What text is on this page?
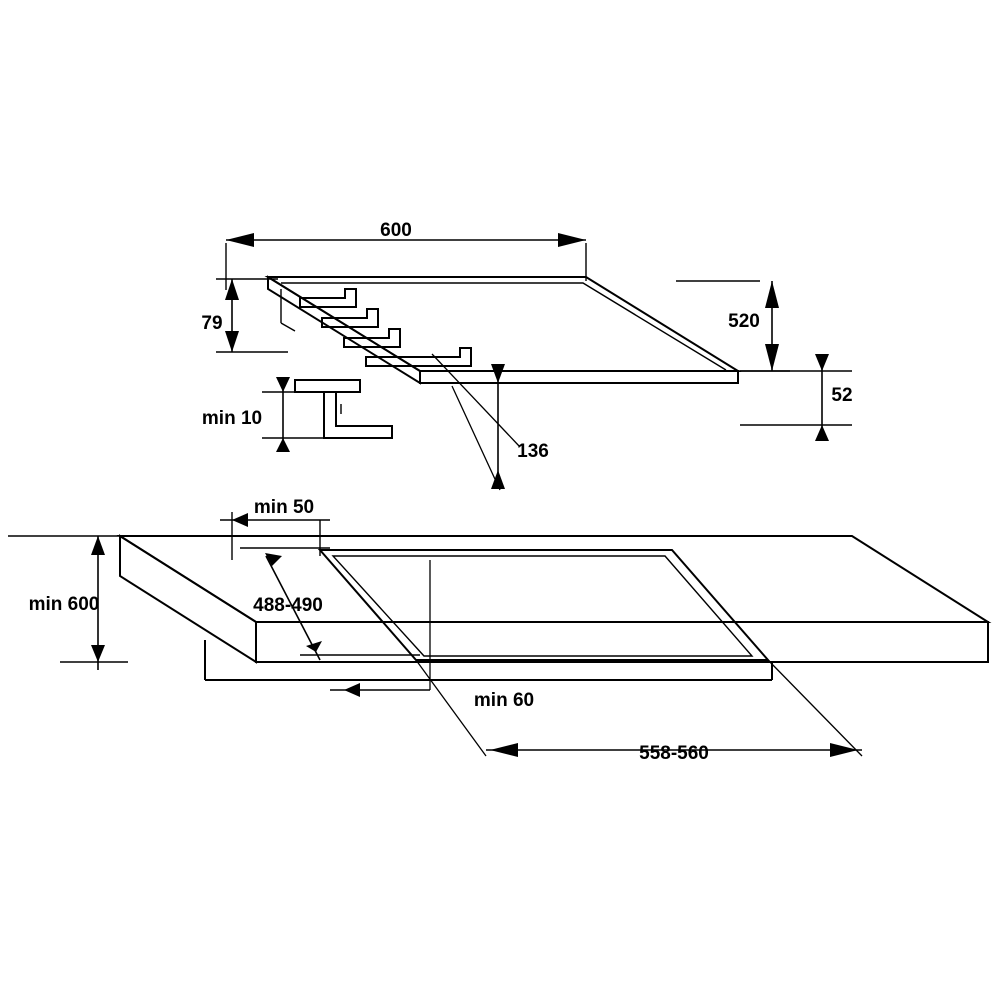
600
520
79
52
min 10
136
min 50
min 600	488-490
min 60
558-560
